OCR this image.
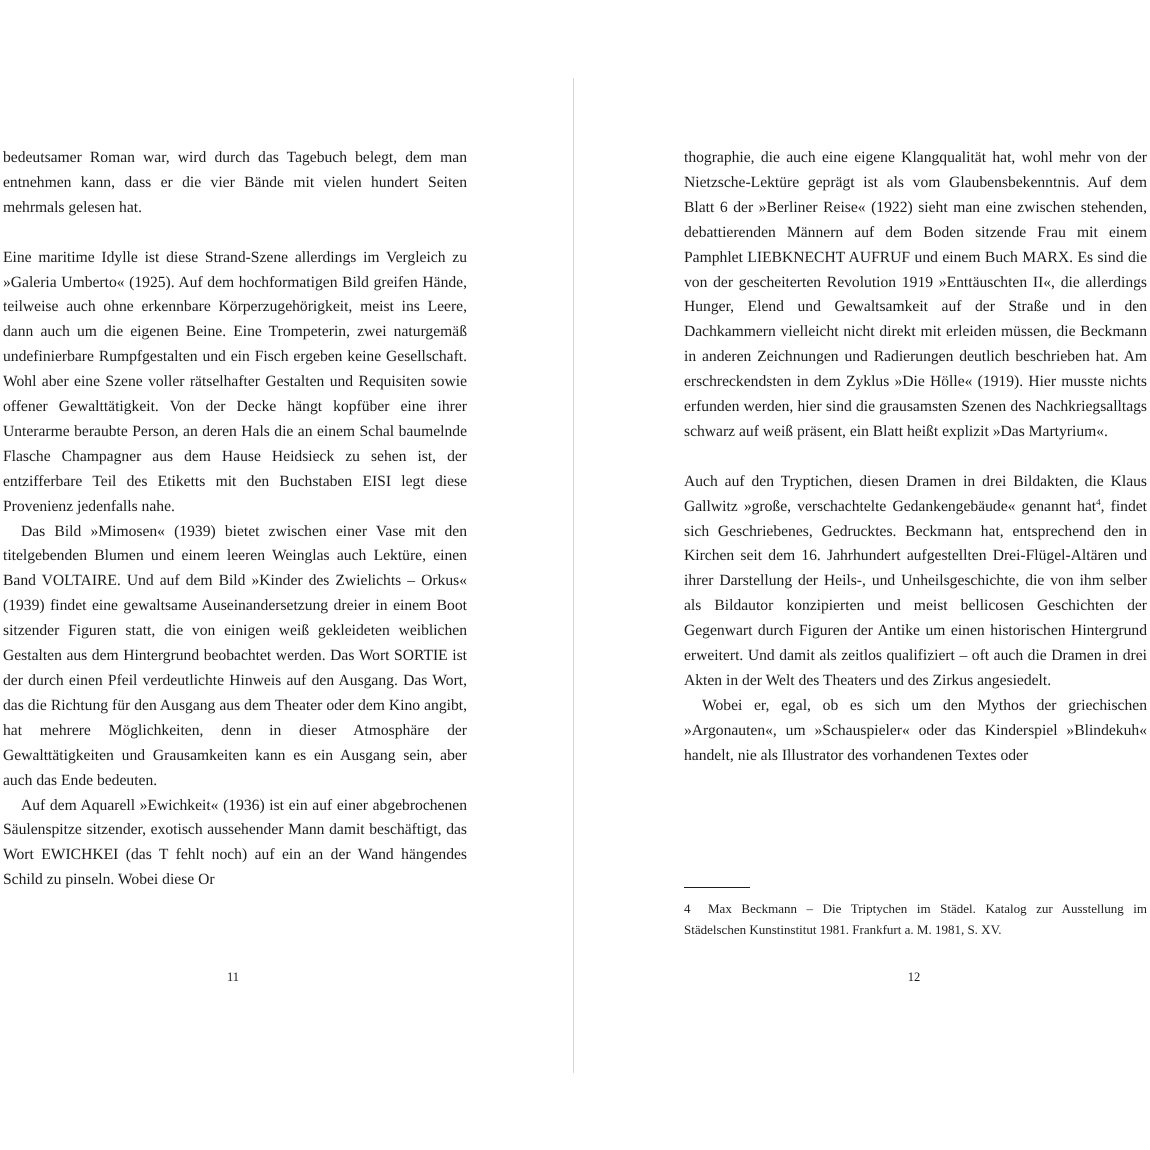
bedeutsamer Roman war, wird durch das Tagebuch belegt, dem man entnehmen kann, dass er die vier Bände mit vielen hundert Seiten mehrmals gelesen hat.

Eine maritime Idylle ist diese Strand-Szene allerdings im Vergleich zu »Galeria Umberto« (1925). Auf dem hochformatigen Bild greifen Hände, teilweise auch ohne erkennbare Körperzugehörigkeit, meist ins Leere, dann auch um die eigenen Beine. Eine Trompeterin, zwei naturgemäß undefinierbare Rumpfgestalten und ein Fisch ergeben keine Gesellschaft. Wohl aber eine Szene voller rätselhafter Gestalten und Requisiten sowie offener Gewalttätigkeit. Von der Decke hängt kopfüber eine ihrer Unterarme beraubte Person, an deren Hals die an einem Schal baumelnde Flasche Champagner aus dem Hause Heidsieck zu sehen ist, der entzifferbare Teil des Etiketts mit den Buchstaben EISI legt diese Provenienz jedenfalls nahe.

Das Bild »Mimosen« (1939) bietet zwischen einer Vase mit den titelgebenden Blumen und einem leeren Weinglas auch Lektüre, einen Band VOLTAIRE. Und auf dem Bild »Kinder des Zwielichts – Orkus« (1939) findet eine gewaltsame Auseinandersetzung dreier in einem Boot sitzender Figuren statt, die von einigen weiß gekleideten weiblichen Gestalten aus dem Hintergrund beobachtet werden. Das Wort SORTIE ist der durch einen Pfeil verdeutlichte Hinweis auf den Ausgang. Das Wort, das die Richtung für den Ausgang aus dem Theater oder dem Kino angibt, hat mehrere Möglichkeiten, denn in dieser Atmosphäre der Gewalttätigkeiten und Grausamkeiten kann es ein Ausgang sein, aber auch das Ende bedeuten.

Auf dem Aquarell »Ewichkeit« (1936) ist ein auf einer abgebrochenen Säulenspitze sitzender, exotisch aussehender Mann damit beschäftigt, das Wort EWICHKEI (das T fehlt noch) auf ein an der Wand hängendes Schild zu pinseln. Wobei diese Or

11

thographie, die auch eine eigene Klangqualität hat, wohl mehr von der Nietzsche-Lektüre geprägt ist als vom Glaubensbekenntnis. Auf dem Blatt 6 der »Berliner Reise« (1922) sieht man eine zwischen stehenden, debattierenden Männern auf dem Boden sitzende Frau mit einem Pamphlet LIEBKNECHT AUFRUF und einem Buch MARX. Es sind die von der gescheiterten Revolution 1919 »Enttäuschten II«, die allerdings Hunger, Elend und Gewaltsamkeit auf der Straße und in den Dachkammern vielleicht nicht direkt mit erleiden müssen, die Beckmann in anderen Zeichnungen und Radierungen deutlich beschrieben hat. Am erschreckendsten in dem Zyklus »Die Hölle« (1919). Hier musste nichts erfunden werden, hier sind die grausamsten Szenen des Nachkriegsalltags schwarz auf weiß präsent, ein Blatt heißt explizit »Das Martyrium«.

Auch auf den Tryptichen, diesen Dramen in drei Bildakten, die Klaus Gallwitz »große, verschachtelte Gedankengebäude« genannt hat$^4$, findet sich Geschriebenes, Gedrucktes. Beckmann hat, entsprechend den in Kirchen seit dem 16. Jahrhundert aufgestellten Drei-Flügel-Altären und ihrer Darstellung der Heils-, und Unheilsgeschichte, die von ihm selber als Bildautor konzipierten und meist bellicosen Geschichten der Gegenwart durch Figuren der Antike um einen historischen Hintergrund erweitert. Und damit als zeitlos qualifiziert – oft auch die Dramen in drei Akten in der Welt des Theaters und des Zirkus angesiedelt.

Wobei er, egal, ob es sich um den Mythos der griechischen »Argonauten«, um »Schauspieler« oder das Kinderspiel »Blindekuh« handelt, nie als Illustrator des vorhandenen Textes oder

4 Max Beckmann – Die Triptychen im Städel. Katalog zur Ausstellung im Städelschen Kunstinstitut 1981. Frankfurt a. M. 1981, S. XV.
12
